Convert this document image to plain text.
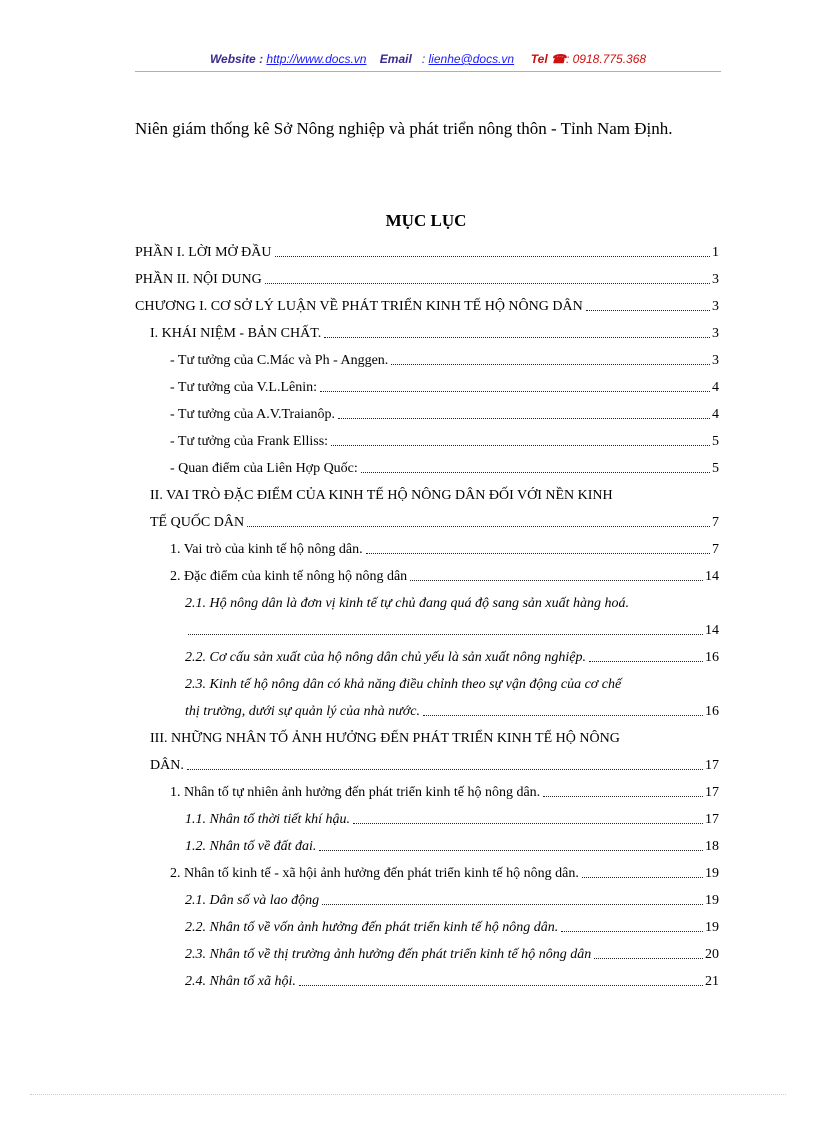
Website : http://www.docs.vn Email : lienhe@docs.vn Tel ☎: 0918.775.368
Niên giám thống kê Sở Nông nghiệp và phát triển nông thôn - Tỉnh Nam Định.
MỤC LỤC
PHẦN I. LỜI MỞ ĐẦU	1
PHẦN II. NỘI DUNG	3
CHƯƠNG I. CƠ SỞ LÝ LUẬN VỀ PHÁT TRIỂN KINH TẾ HỘ NÔNG DÂN	3
I. KHÁI NIỆM - BẢN CHẤT.	3
- Tư tưởng của C.Mác và Ph - Anggen.	3
- Tư tưởng của V.L.Lênin:	4
- Tư tưởng của A.V.Traianôp.	4
- Tư tưởng của Frank Elliss:	5
- Quan điểm của Liên Hợp Quốc:	5
II. VAI TRÒ ĐẶC ĐIỂM CỦA KINH TẾ HỘ NÔNG DÂN ĐỐI VỚI NỀN KINH
TẾ QUỐC DÂN	7
1. Vai trò của kinh tế hộ nông dân.	7
2. Đặc điểm của kinh tế nông hộ nông dân	14
2.1. Hộ nông dân là đơn vị kinh tế tự chủ đang quá độ sang sản xuất hàng hoá.
14
2.2. Cơ cấu sản xuất của hộ nông dân chủ yếu là sản xuất nông nghiệp.	16
2.3. Kinh tế hộ nông dân có khả năng điều chỉnh theo sự vận động của cơ chế
thị trường, dưới sự quản lý của nhà nước.	16
III. NHỮNG NHÂN TỐ ẢNH HƯỞNG ĐẾN PHÁT TRIỂN KINH TẾ HỘ NÔNG
DÂN.	17
1. Nhân tố tự nhiên ảnh hưởng đến phát triển kinh tế hộ nông dân.	17
1.1. Nhân tố thời tiết khí hậu.	17
1.2. Nhân tố về đất đai.	18
2. Nhân tố kinh tế - xã hội ảnh hưởng đến phát triển kinh tế hộ nông dân.	19
2.1. Dân số và lao động	19
2.2. Nhân tố về vốn ảnh hưởng đến phát triển kinh tế hộ nông dân.	19
2.3. Nhân tố về thị trường ảnh hưởng đến phát triển kinh tế hộ nông dân	20
2.4. Nhân tố xã hội.	21
